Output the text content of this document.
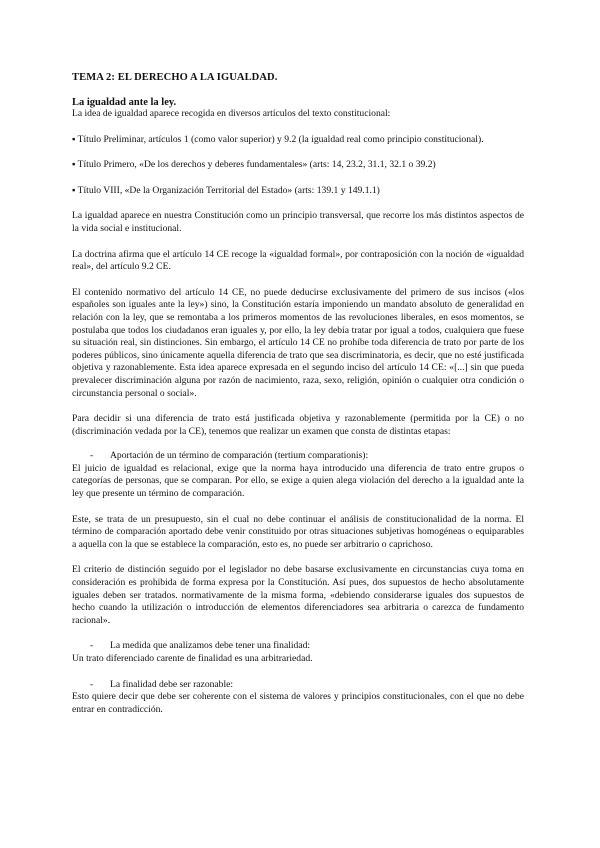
TEMA 2: EL DERECHO A LA IGUALDAD.
La igualdad ante la ley.

La idea de igualdad aparece recogida en diversos artículos del texto constitucional:

▪ Título Preliminar, artículos 1 (como valor superior) y 9.2 (la igualdad real como principio constitucional).

▪ Título Primero, «De los derechos y deberes fundamentales» (arts: 14, 23.2, 31.1, 32.1 o 39.2)

▪ Título VIII, «De la Organización Territorial del Estado» (arts: 139.1 y 149.1.1)

La igualdad aparece en nuestra Constitución como un principio transversal, que recorre los más distintos aspectos de la vida social e institucional.

La doctrina afirma que el artículo 14 CE recoge la «igualdad formal», por contraposición con la noción de «igualdad real», del artículo 9.2 CE.

El contenido normativo del artículo 14 CE, no puede deducirse exclusivamente del primero de sus incisos («los españoles son iguales ante la ley») sino, la Constitución estaría imponiendo un mandato absoluto de generalidad en relación con la ley, que se remontaba a los primeros momentos de las revoluciones liberales, en esos momentos, se postulaba que todos los ciudadanos eran iguales y, por ello, la ley debía tratar por igual a todos, cualquiera que fuese su situación real, sin distinciones. Sin embargo, el artículo 14 CE no prohíbe toda diferencia de trato por parte de los poderes públicos, sino únicamente aquella diferencia de trato que sea discriminatoria, es decir, que no esté justificada objetiva y razonablemente. Esta idea aparece expresada en el segundo inciso del artículo 14 CE: «[...] sin que pueda prevalecer discriminación alguna por razón de nacimiento, raza, sexo, religión, opinión o cualquier otra condición o circunstancia personal o social».

Para decidir si una diferencia de trato está justificada objetiva y razonablemente (permitida por la CE) o no (discriminación vedada por la CE), tenemos que realizar un examen que consta de distintas etapas:

- Aportación de un término de comparación (tertium comparationis):

El juicio de igualdad es relacional, exige que la norma haya introducido una diferencia de trato entre grupos o categorías de personas, que se comparan. Por ello, se exige a quien alega violación del derecho a la igualdad ante la ley que presente un término de comparación.

Este, se trata de un presupuesto, sin el cual no debe continuar el análisis de constitucionalidad de la norma. El término de comparación aportado debe venir constituido por otras situaciones subjetivas homogéneas o equiparables a aquella con la que se establece la comparación, esto es, no puede ser arbitrario o caprichoso.

El criterio de distinción seguido por el legislador no debe basarse exclusivamente en circunstancias cuya toma en consideración es prohibida de forma expresa por la Constitución. Así pues, dos supuestos de hecho absolutamente iguales deben ser tratados. normativamente de la misma forma, «debiendo considerarse iguales dos supuestos de hecho cuando la utilización o introducción de elementos diferenciadores sea arbitraria o carezca de fundamento racional».

- La medida que analizamos debe tener una finalidad:

Un trato diferenciado carente de finalidad es una arbitrariedad.

- La finalidad debe ser razonable:

Esto quiere decir que debe ser coherente con el sistema de valores y principios constitucionales, con el que no debe entrar en contradicción.
